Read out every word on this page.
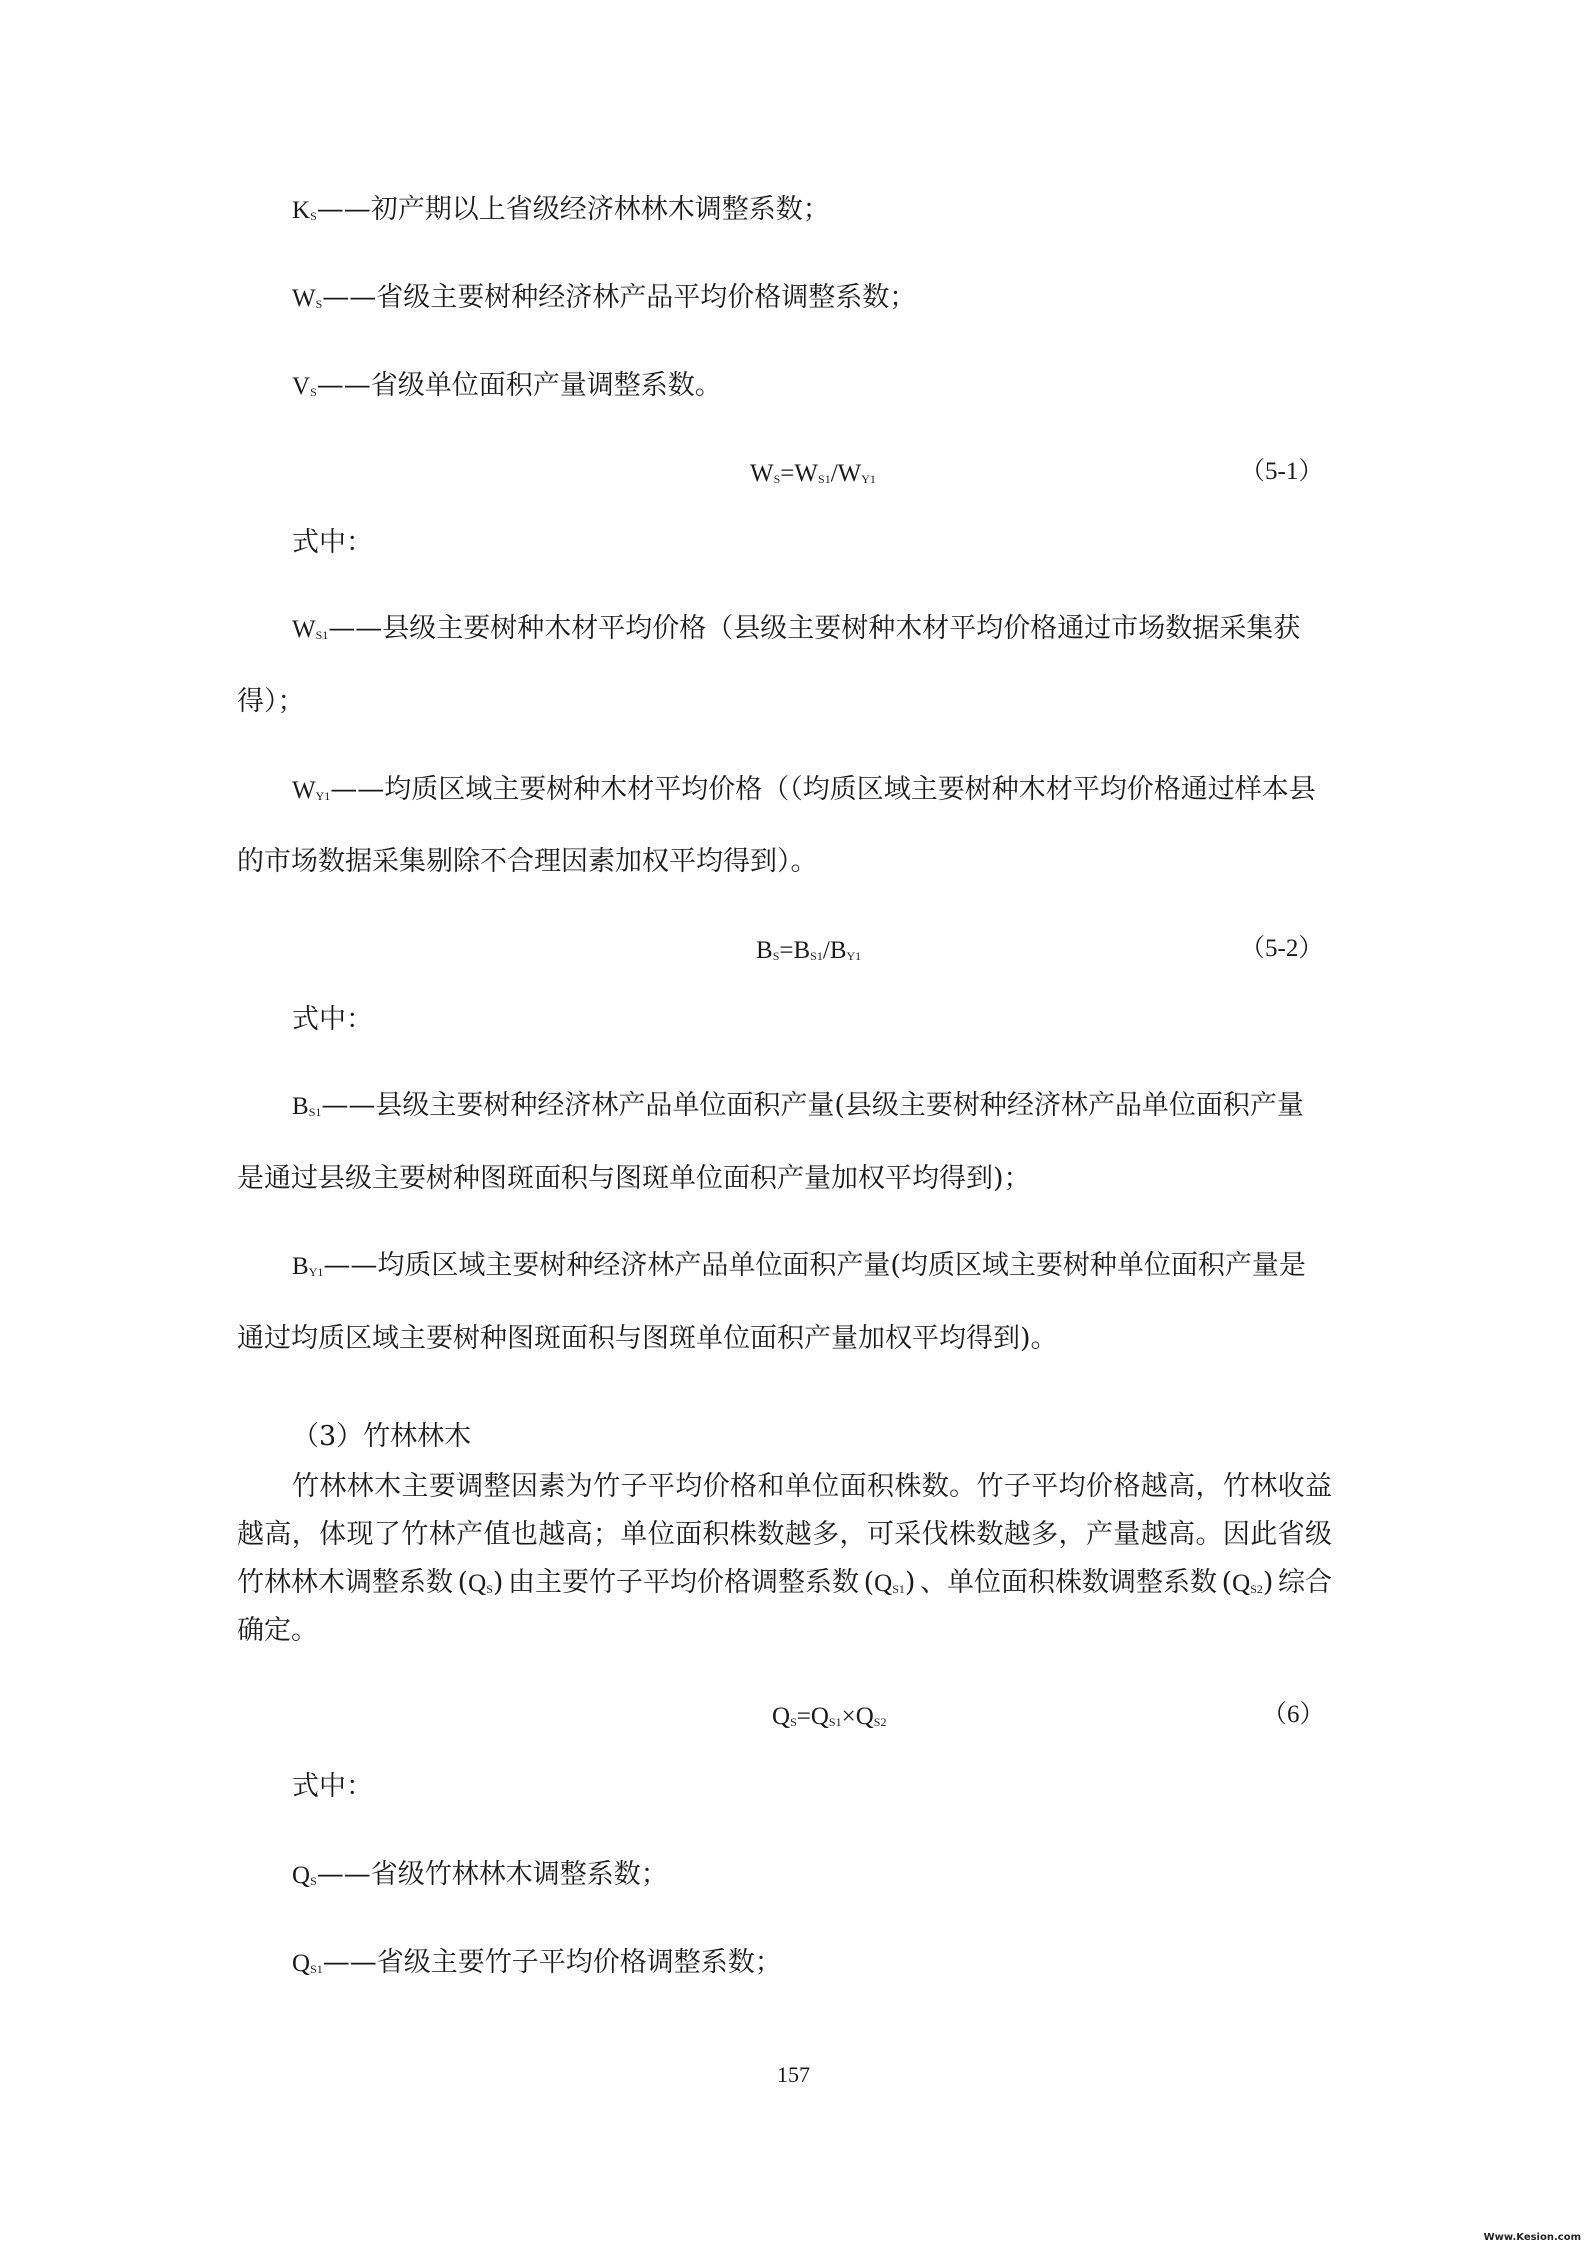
$K_S——$初产期以上省级经济林林木调整系数；
$W_S——$省级主要树种经济林产品平均价格调整系数；
$V_S——$省级单位面积产量调整系数。
$W_S=W_{S1}/W_{Y1}$	（5-1）
式中：
$W_{S1}——$县级主要树种木材平均价格（县级主要树种木材平均价格通过市场数据采集获
得）；
$W_{Y1}——$均质区域主要树种木材平均价格（（均质区域主要树种木材平均价格通过样本县
的市场数据采集剔除不合理因素加权平均得到）。
$B_S=B_{S1}/B_{Y1}$	（5-2）
式中：
$B_{S1}——$县级主要树种经济林产品单位面积产量(县级主要树种经济林产品单位面积产量
是通过县级主要树种图斑面积与图斑单位面积产量加权平均得到)；
$B_{Y1}——$均质区域主要树种经济林产品单位面积产量(均质区域主要树种单位面积产量是
通过均质区域主要树种图斑面积与图斑单位面积产量加权平均得到)。
（3）竹林林木
竹林林木主要调整因素为竹子平均价格和单位面积株数。竹子平均价格越高，竹林收益
越高，体现了竹林产值也越高；单位面积株数越多，可采伐株数越多，产量越高。因此省级
竹林林木调整系数 $(Q_S)$ 由主要竹子平均价格调整系数 $(Q_{S1})$ 、单位面积株数调整系数 $(Q_{S2})$ 综合
确定。
$Q_S=Q_{S1}\times Q_{S2}$	（6）
式中：
$Q_S——$省级竹林林木调整系数；
$Q_{S1}——$省级主要竹子平均价格调整系数；
157
Www.Kesion.com
